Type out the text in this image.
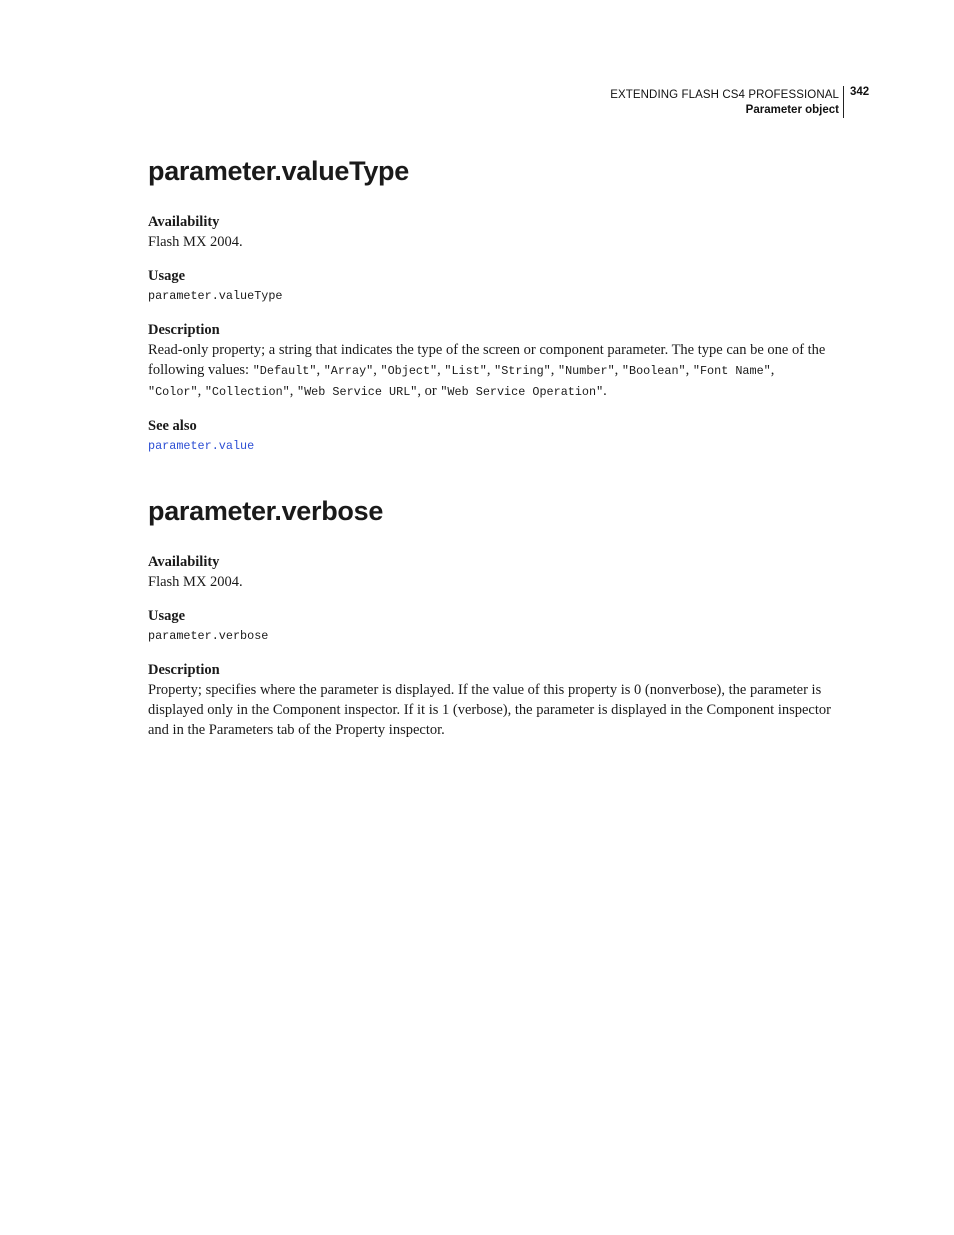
EXTENDING FLASH CS4 PROFESSIONAL
Parameter object
342
parameter.valueType
Availability
Flash MX 2004.
Usage
parameter.valueType
Description
Read-only property; a string that indicates the type of the screen or component parameter. The type can be one of the
following values: "Default", "Array", "Object", "List", "String", "Number", "Boolean", "Font Name",
"Color", "Collection", "Web Service URL", or "Web Service Operation".
See also
parameter.value
parameter.verbose
Availability
Flash MX 2004.
Usage
parameter.verbose
Description
Property; specifies where the parameter is displayed. If the value of this property is 0 (nonverbose), the parameter is
displayed only in the Component inspector. If it is 1 (verbose), the parameter is displayed in the Component inspector
and in the Parameters tab of the Property inspector.
